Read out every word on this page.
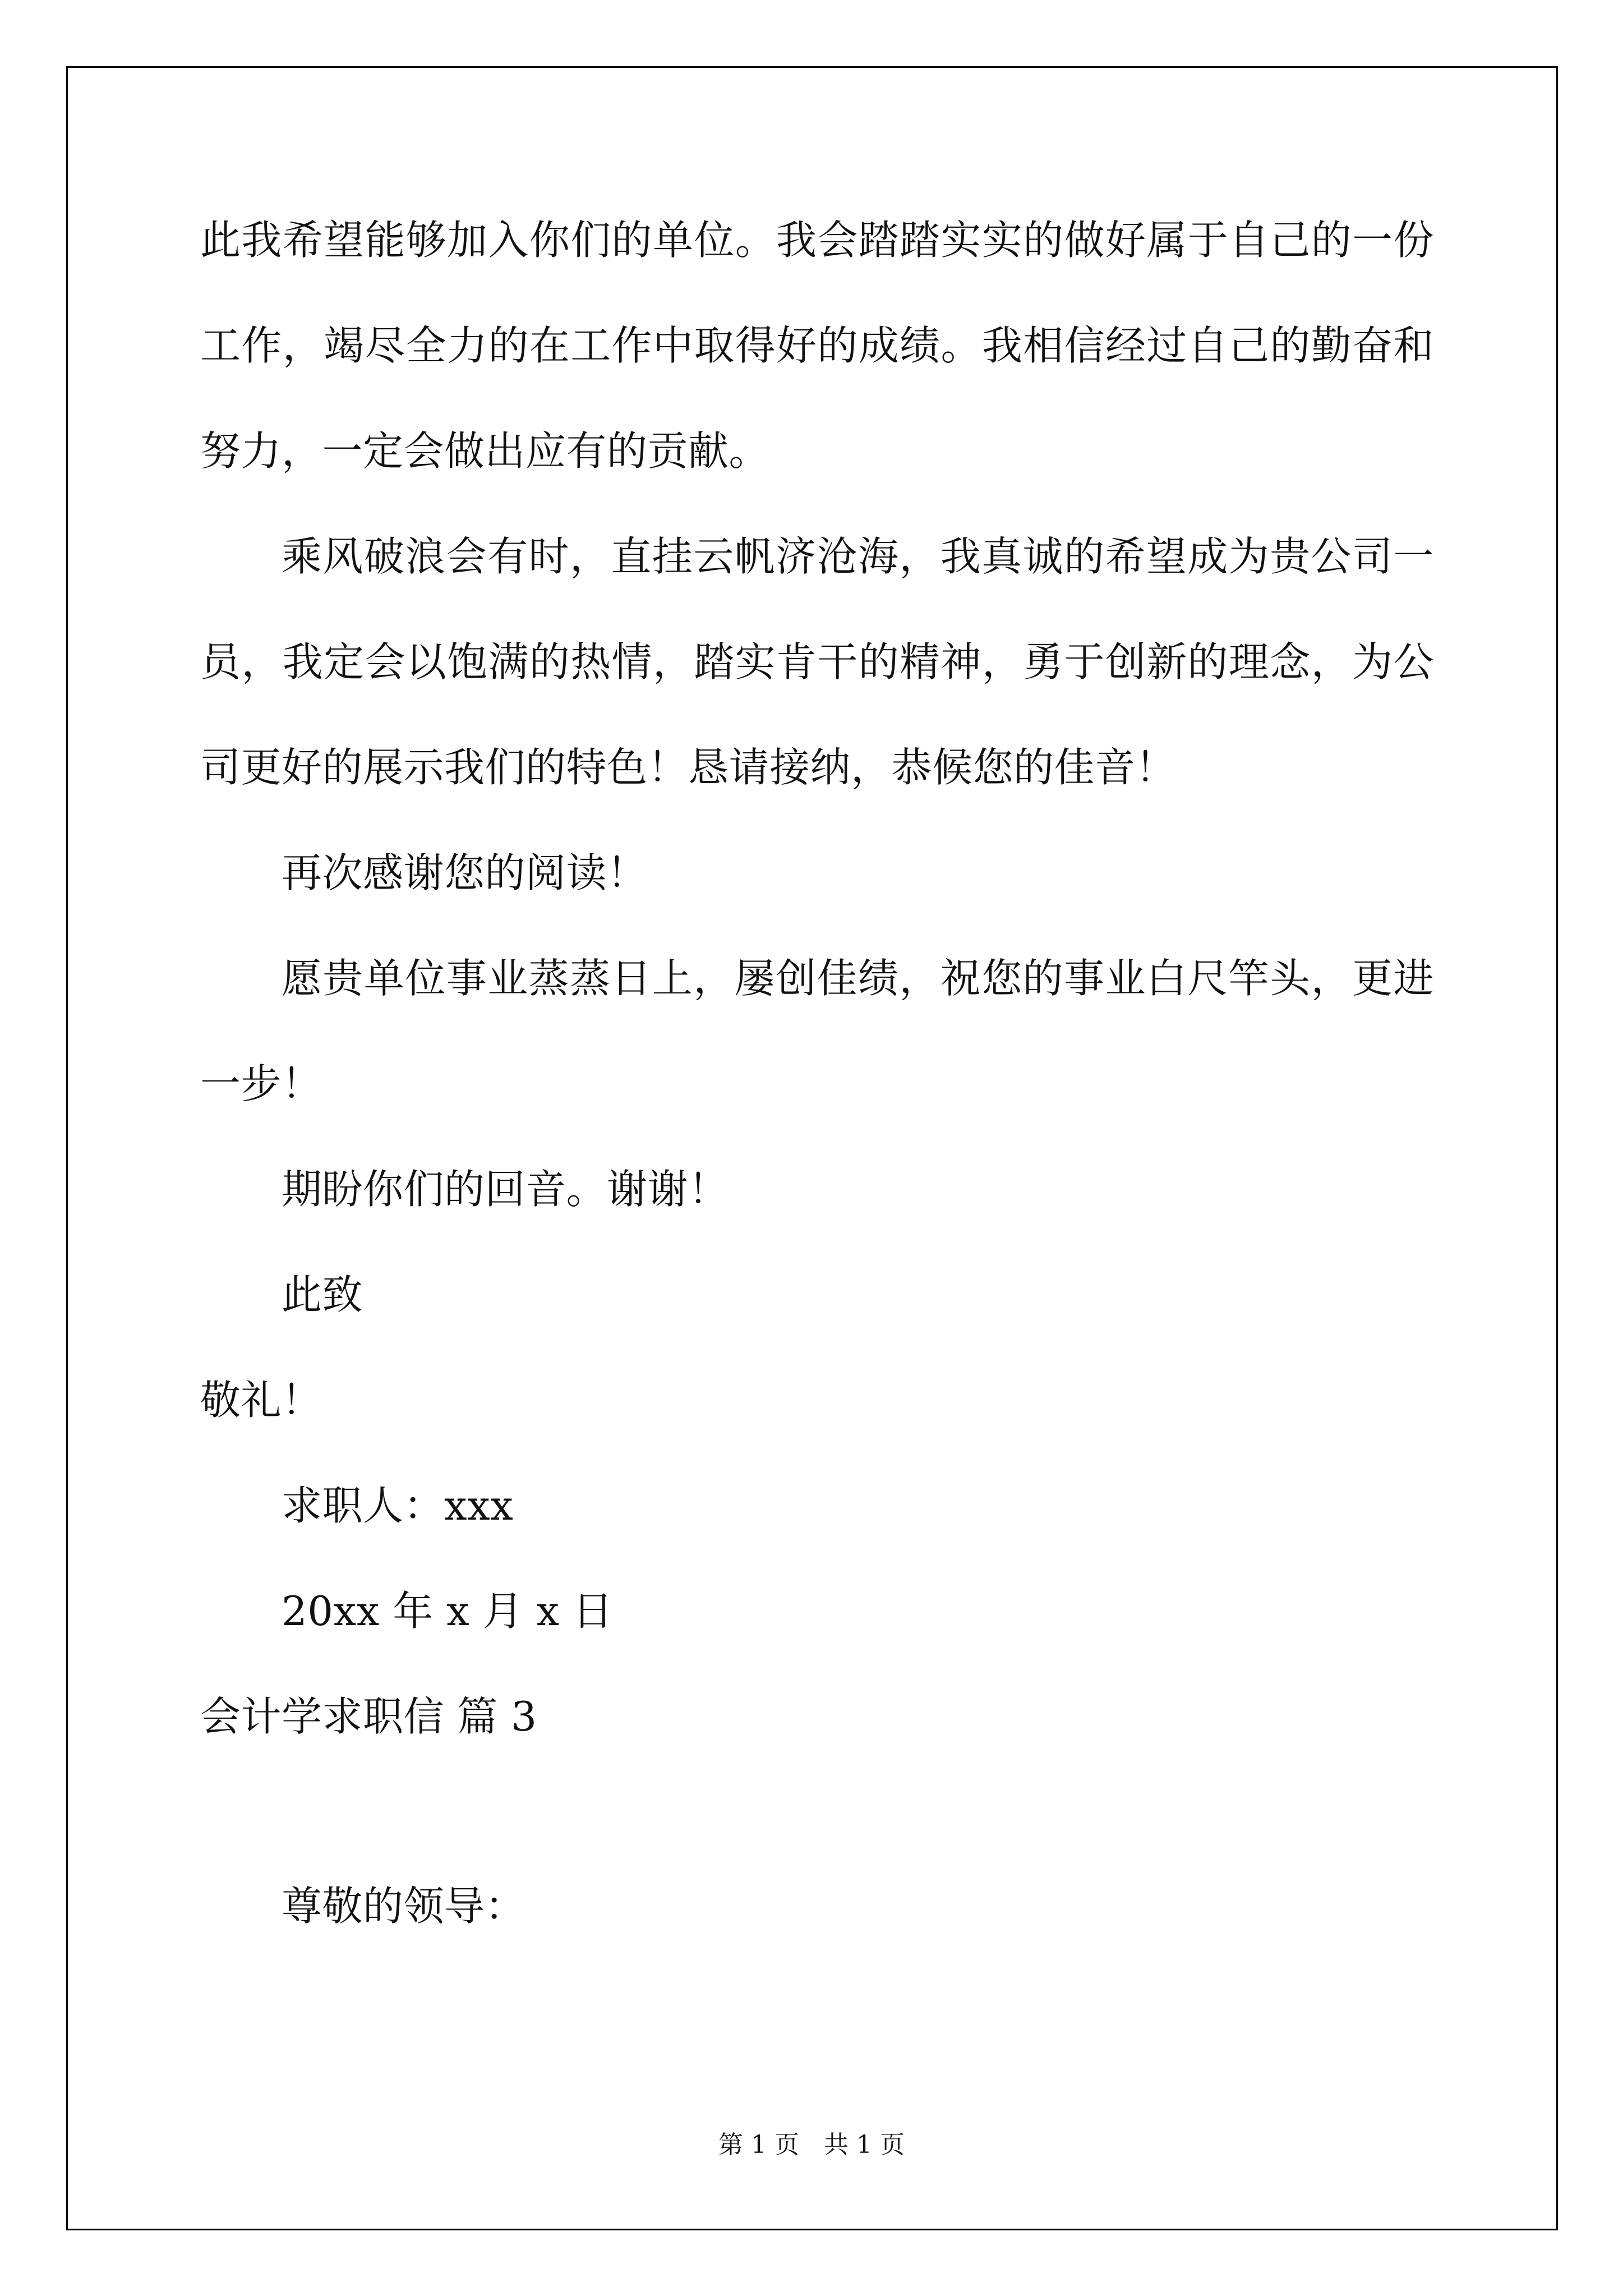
此我希望能够加入你们的单位。我会踏踏实实的做好属于自己的一份
工作，竭尽全力的在工作中取得好的成绩。我相信经过自己的勤奋和
努力，一定会做出应有的贡献。
乘风破浪会有时，直挂云帆济沧海，我真诚的希望成为贵公司一
员，我定会以饱满的热情，踏实肯干的精神，勇于创新的理念，为公
司更好的展示我们的特色！恳请接纳，恭候您的佳音！
再次感谢您的阅读！
愿贵单位事业蒸蒸日上，屡创佳绩，祝您的事业白尺竿头，更进
一步！
期盼你们的回音。谢谢！
此致
敬礼！
求职人：xxx
20xx 年 x 月 x 日
会计学求职信 篇 3
尊敬的领导：
第 1 页　共 1 页
